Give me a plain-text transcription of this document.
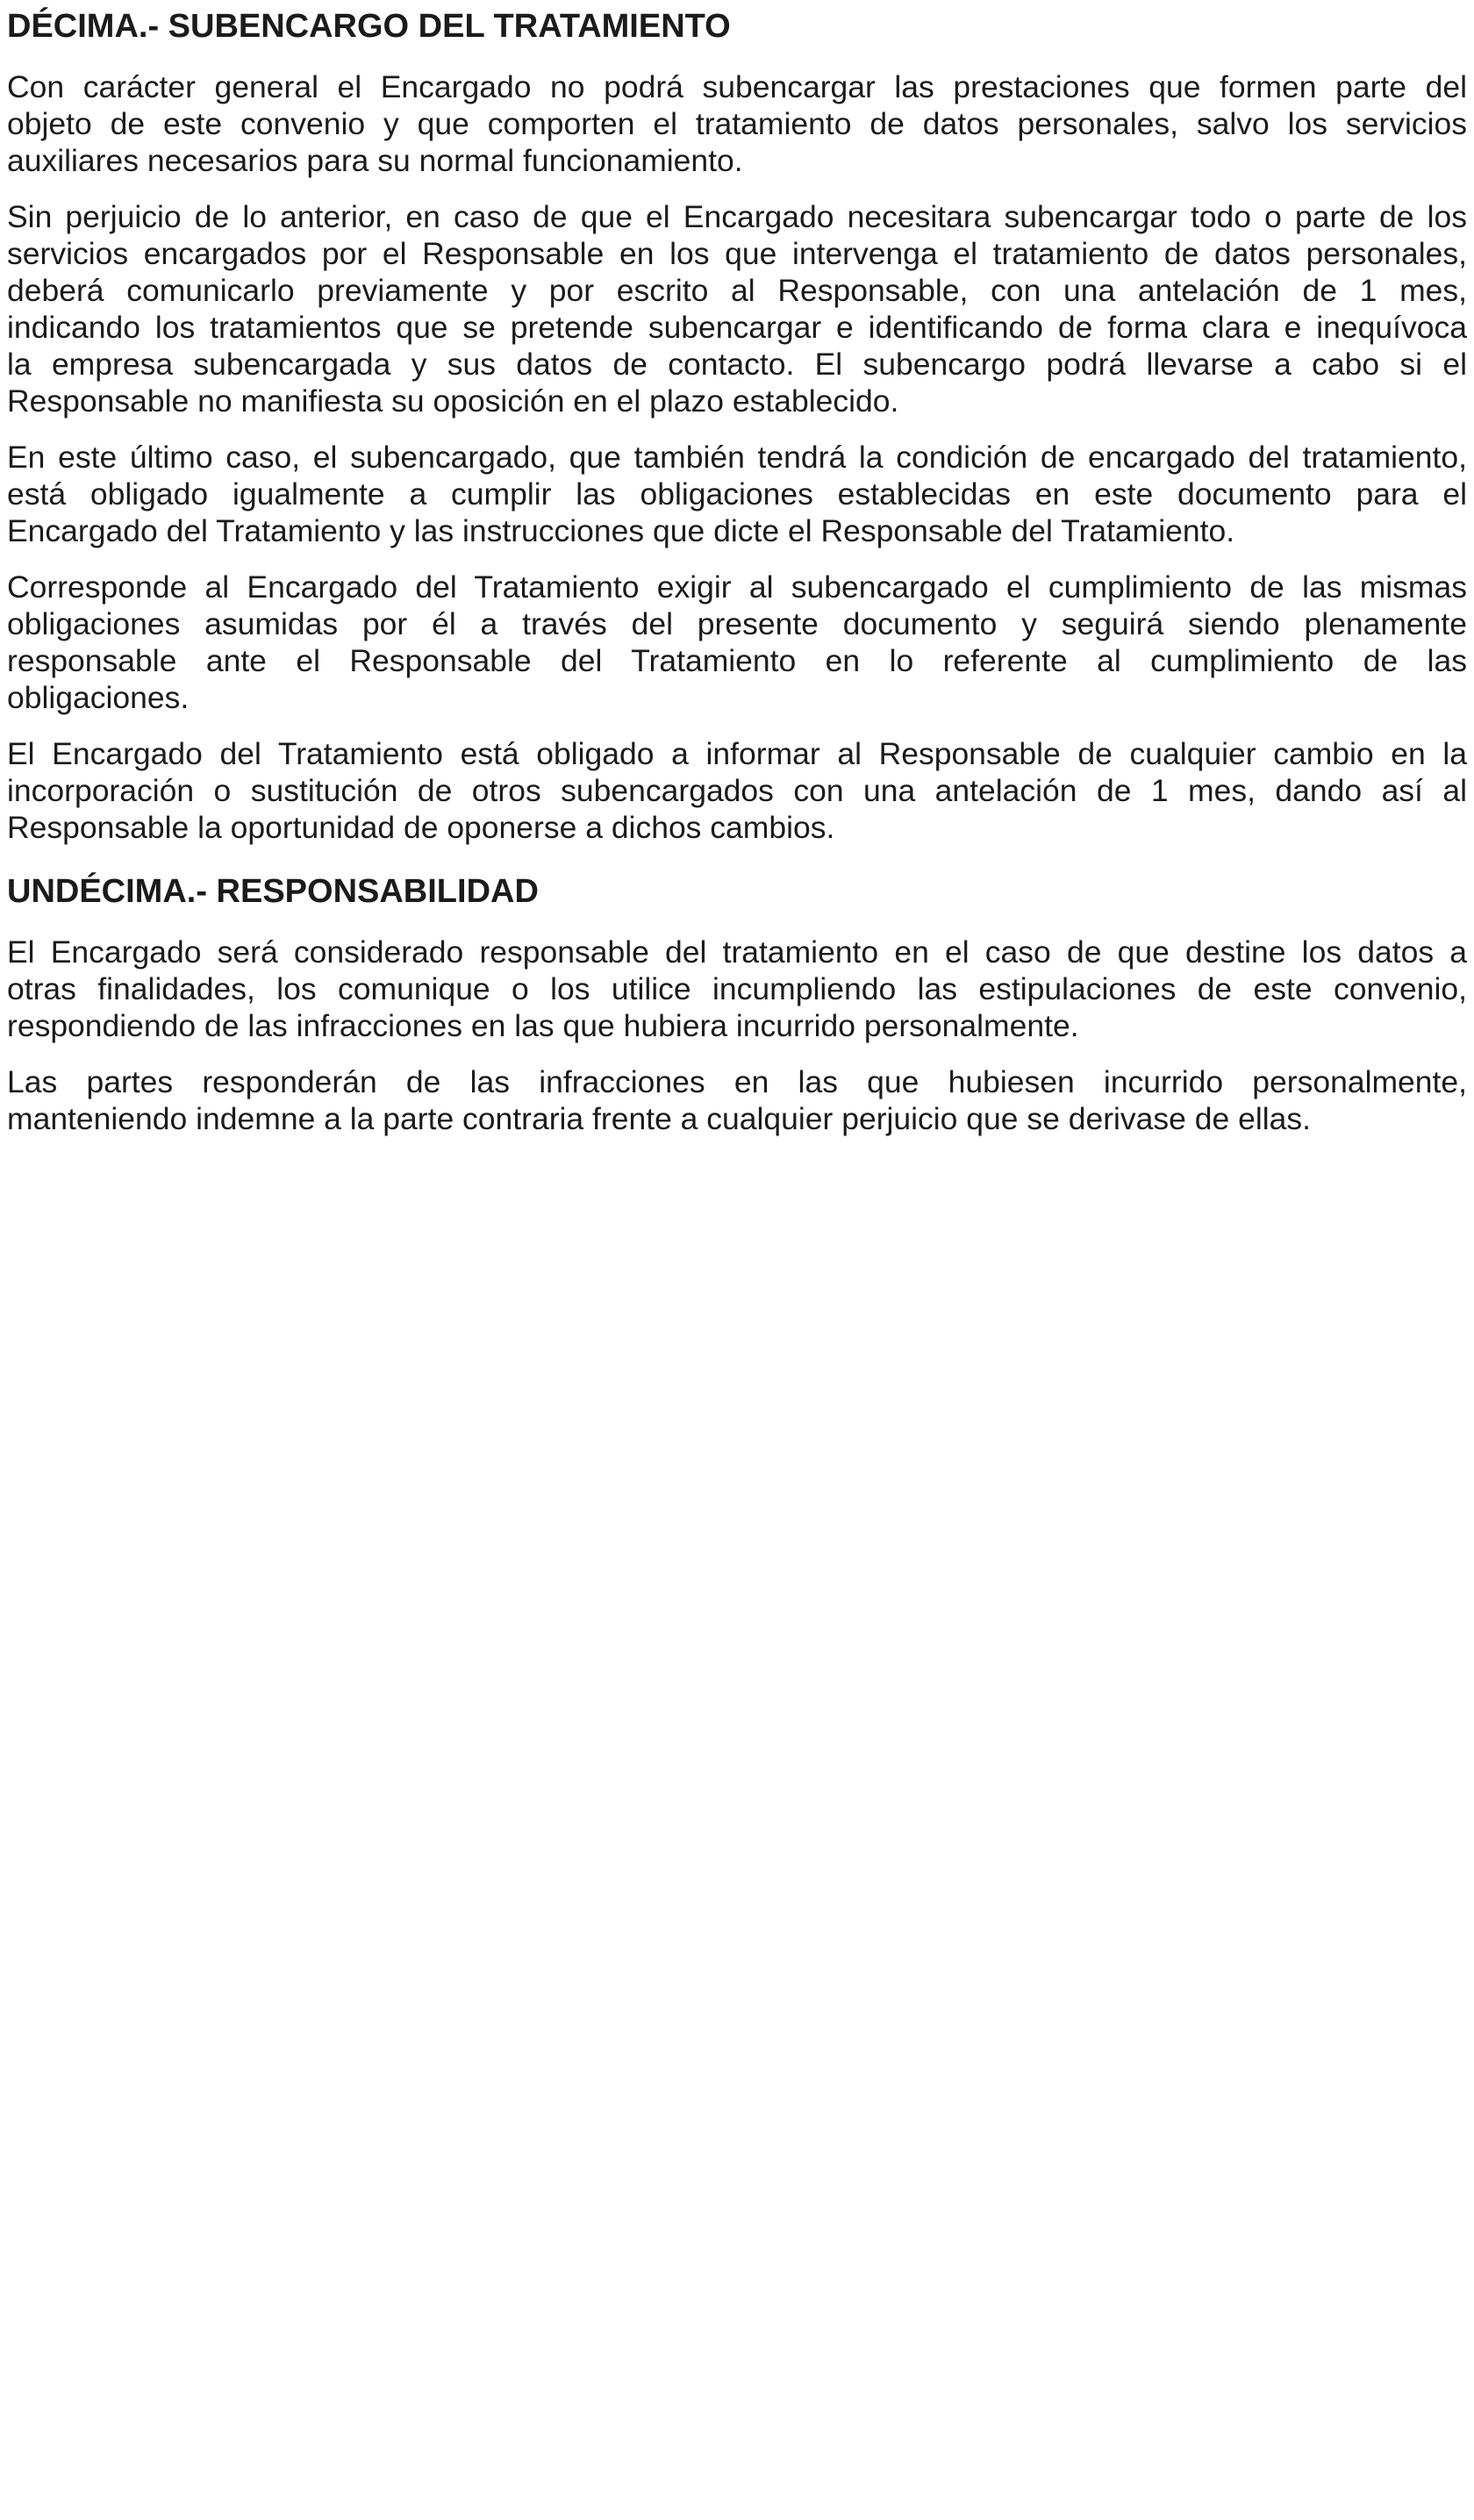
DÉCIMA.- SUBENCARGO DEL TRATAMIENTO
Con carácter general el Encargado no podrá subencargar las prestaciones que formen parte del
objeto de este convenio y que comporten el tratamiento de datos personales, salvo los servicios
auxiliares necesarios para su normal funcionamiento.
Sin perjuicio de lo anterior, en caso de que el Encargado necesitara subencargar todo o parte de los
servicios encargados por el Responsable en los que intervenga el tratamiento de datos personales,
deberá comunicarlo previamente y por escrito al Responsable, con una antelación de 1 mes,
indicando los tratamientos que se pretende subencargar e identificando de forma clara e inequívoca
la empresa subencargada y sus datos de contacto. El subencargo podrá llevarse a cabo si el
Responsable no manifiesta su oposición en el plazo establecido.
En este último caso, el subencargado, que también tendrá la condición de encargado del tratamiento,
está obligado igualmente a cumplir las obligaciones establecidas en este documento para el
Encargado del Tratamiento y las instrucciones que dicte el Responsable del Tratamiento.
Corresponde al Encargado del Tratamiento exigir al subencargado el cumplimiento de las mismas
obligaciones asumidas por él a través del presente documento y seguirá siendo plenamente
responsable ante el Responsable del Tratamiento en lo referente al cumplimiento de las
obligaciones.
El Encargado del Tratamiento está obligado a informar al Responsable de cualquier cambio en la
incorporación o sustitución de otros subencargados con una antelación de 1 mes, dando así al
Responsable la oportunidad de oponerse a dichos cambios.
UNDÉCIMA.- RESPONSABILIDAD
El Encargado será considerado responsable del tratamiento en el caso de que destine los datos a
otras finalidades, los comunique o los utilice incumpliendo las estipulaciones de este convenio,
respondiendo de las infracciones en las que hubiera incurrido personalmente.
Las partes responderán de las infracciones en las que hubiesen incurrido personalmente,
manteniendo indemne a la parte contraria frente a cualquier perjuicio que se derivase de ellas.
